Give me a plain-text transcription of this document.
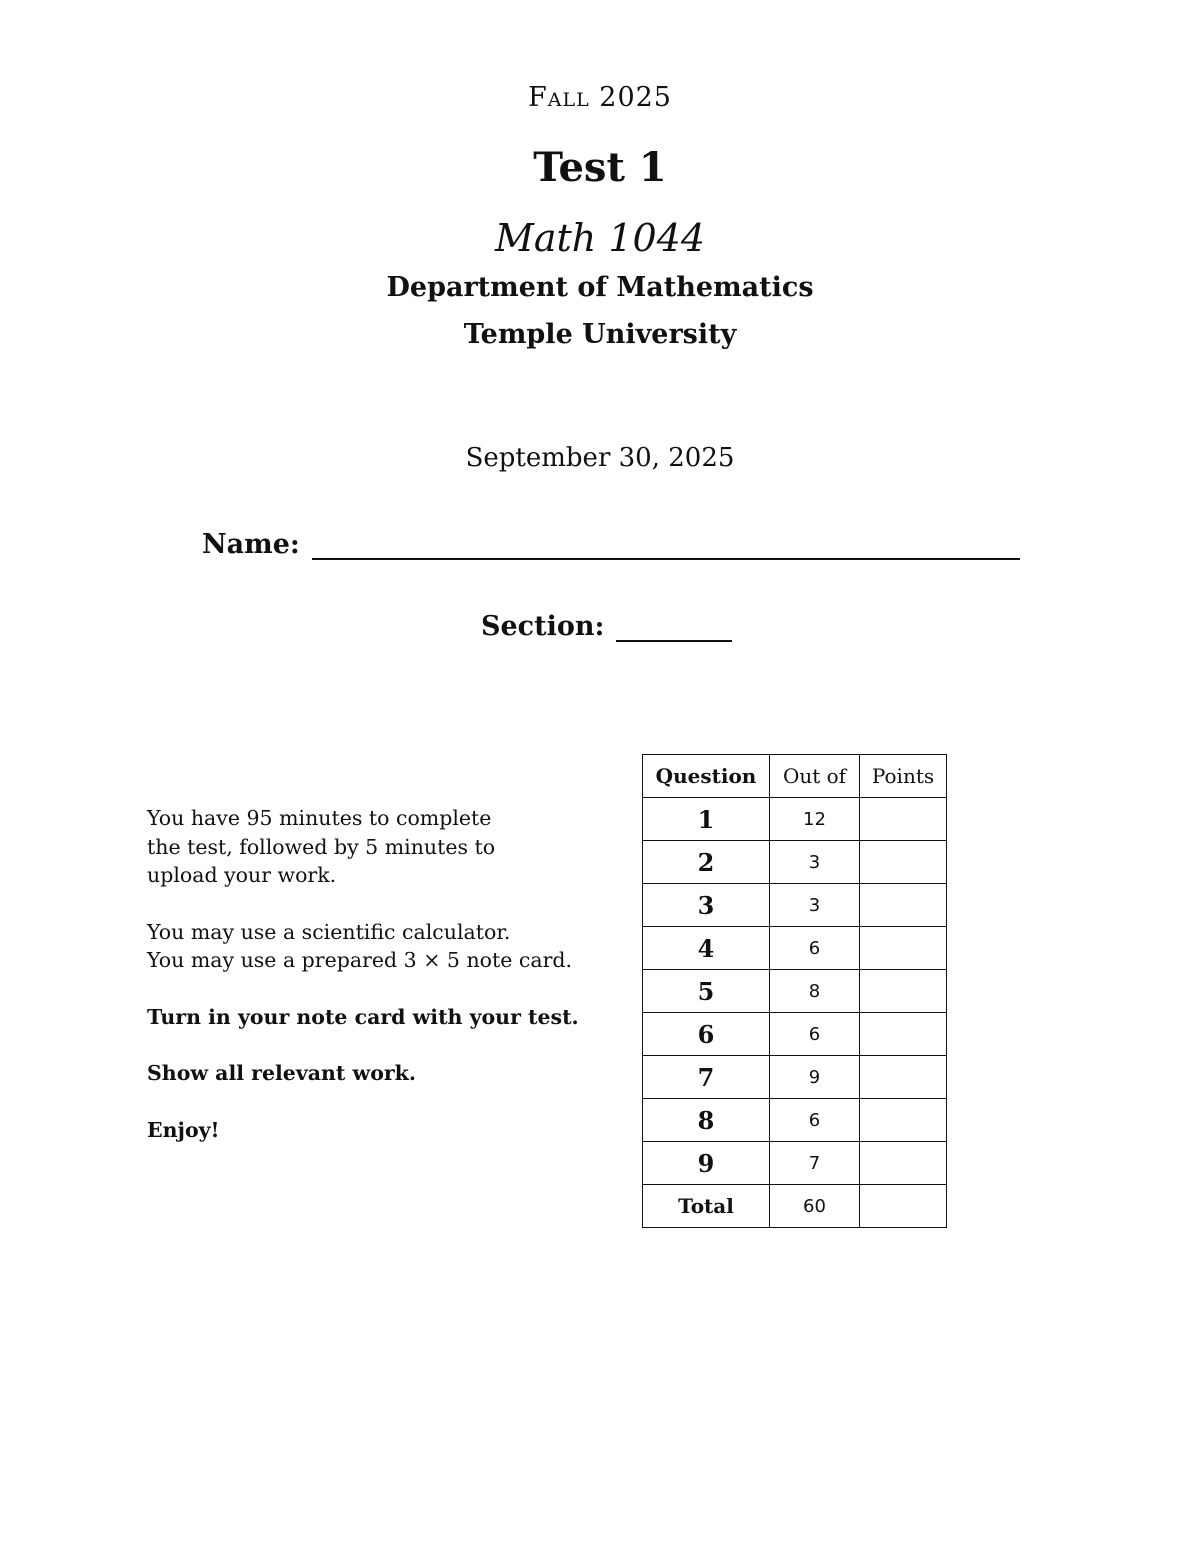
Fall 2025
Test 1
Math 1044
Department of Mathematics
Temple University
September 30, 2025
Name:
Section:

You have 95 minutes to complete
the test, followed by 5 minutes to
upload your work.

You may use a scientific calculator.
You may use a prepared 3 × 5 note card.

Turn in your note card with your test.

Show all relevant work.

Enjoy!

Question	Out of	Points
1	12	
2	3	
3	3	
4	6	
5	8	
6	6	
7	9	
8	6	
9	7	
Total	60	
